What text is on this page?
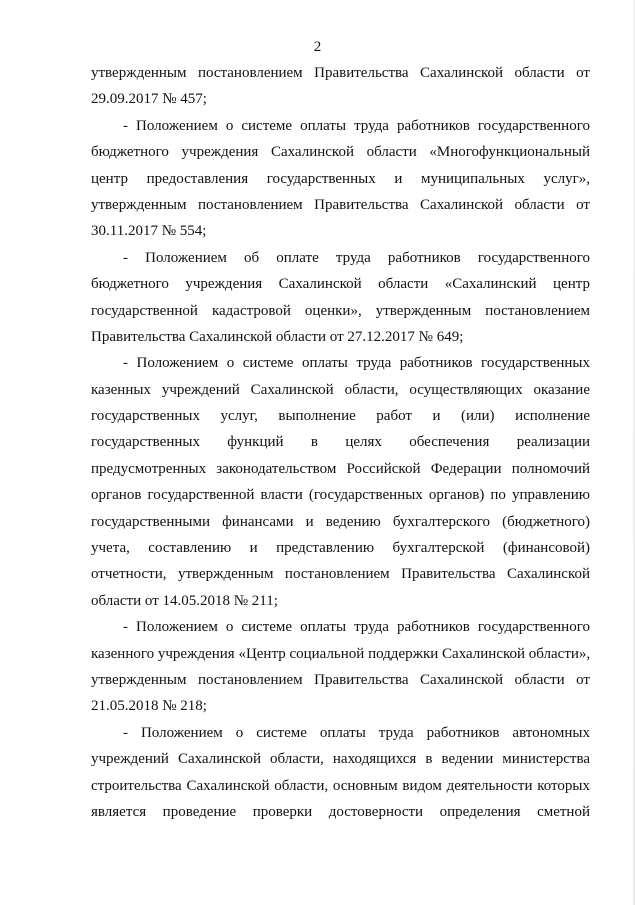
2
утвержденным постановлением Правительства Сахалинской области от
29.09.2017 № 457;
- Положением о системе оплаты труда работников государственного
бюджетного учреждения Сахалинской области «Многофункциональный
центр предоставления государственных и муниципальных услуг»,
утвержденным постановлением Правительства Сахалинской области от
30.11.2017 № 554;
- Положением об оплате труда работников государственного
бюджетного учреждения Сахалинской области «Сахалинский центр
государственной кадастровой оценки», утвержденным постановлением
Правительства Сахалинской области от 27.12.2017 № 649;
- Положением о системе оплаты труда работников государственных
казенных учреждений Сахалинской области, осуществляющих оказание
государственных услуг, выполнение работ и (или) исполнение
государственных функций в целях обеспечения реализации
предусмотренных законодательством Российской Федерации полномочий
органов государственной власти (государственных органов) по управлению
государственными финансами и ведению бухгалтерского (бюджетного)
учета, составлению и представлению бухгалтерской (финансовой)
отчетности, утвержденным постановлением Правительства Сахалинской
области от 14.05.2018 № 211;
- Положением о системе оплаты труда работников государственного
казенного учреждения «Центр социальной поддержки Сахалинской области»,
утвержденным постановлением Правительства Сахалинской области от
21.05.2018 № 218;
- Положением о системе оплаты труда работников автономных
учреждений Сахалинской области, находящихся в ведении министерства
строительства Сахалинской области, основным видом деятельности которых
является проведение проверки достоверности определения сметной
